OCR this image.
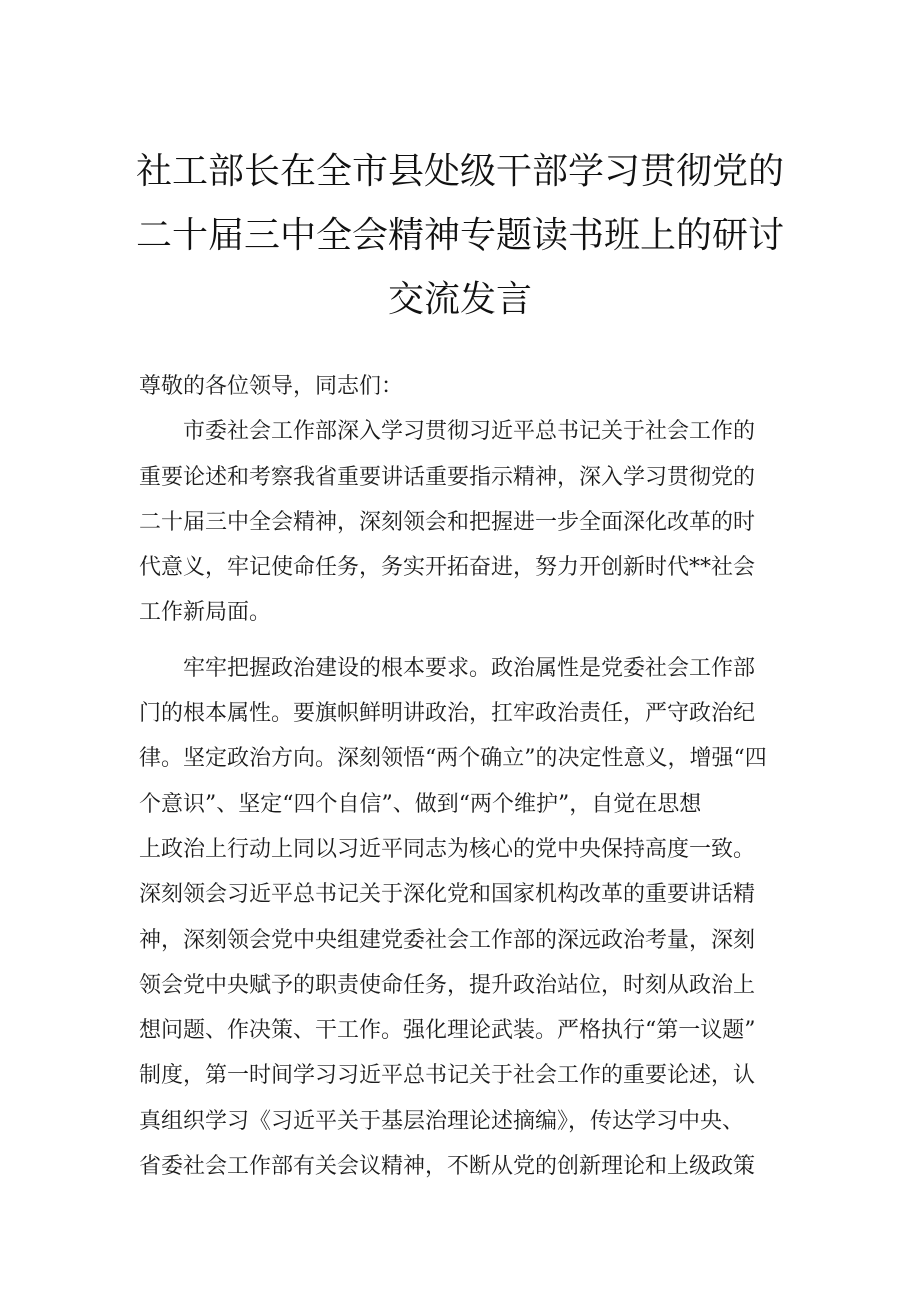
社工部长在全市县处级干部学习贯彻党的
二十届三中全会精神专题读书班上的研讨
交流发言

尊敬的各位领导，同志们：

市委社会工作部深入学习贯彻习近平总书记关于社会工作的
重要论述和考察我省重要讲话重要指示精神，深入学习贯彻党的
二十届三中全会精神，深刻领会和把握进一步全面深化改革的时
代意义，牢记使命任务，务实开拓奋进，努力开创新时代**社会
工作新局面。

牢牢把握政治建设的根本要求。政治属性是党委社会工作部
门的根本属性。要旗帜鲜明讲政治，扛牢政治责任，严守政治纪
律。坚定政治方向。深刻领悟“两个确立”的决定性意义，增强“四
个意识”、坚定“四个自信”、做到“两个维护”，自觉在思想
上政治上行动上同以习近平同志为核心的党中央保持高度一致。
深刻领会习近平总书记关于深化党和国家机构改革的重要讲话精
神，深刻领会党中央组建党委社会工作部的深远政治考量，深刻
领会党中央赋予的职责使命任务，提升政治站位，时刻从政治上
想问题、作决策、干工作。强化理论武装。严格执行“第一议题”
制度，第一时间学习习近平总书记关于社会工作的重要论述，认
真组织学习《习近平关于基层治理论述摘编》，传达学习中央、
省委社会工作部有关会议精神，不断从党的创新理论和上级政策
